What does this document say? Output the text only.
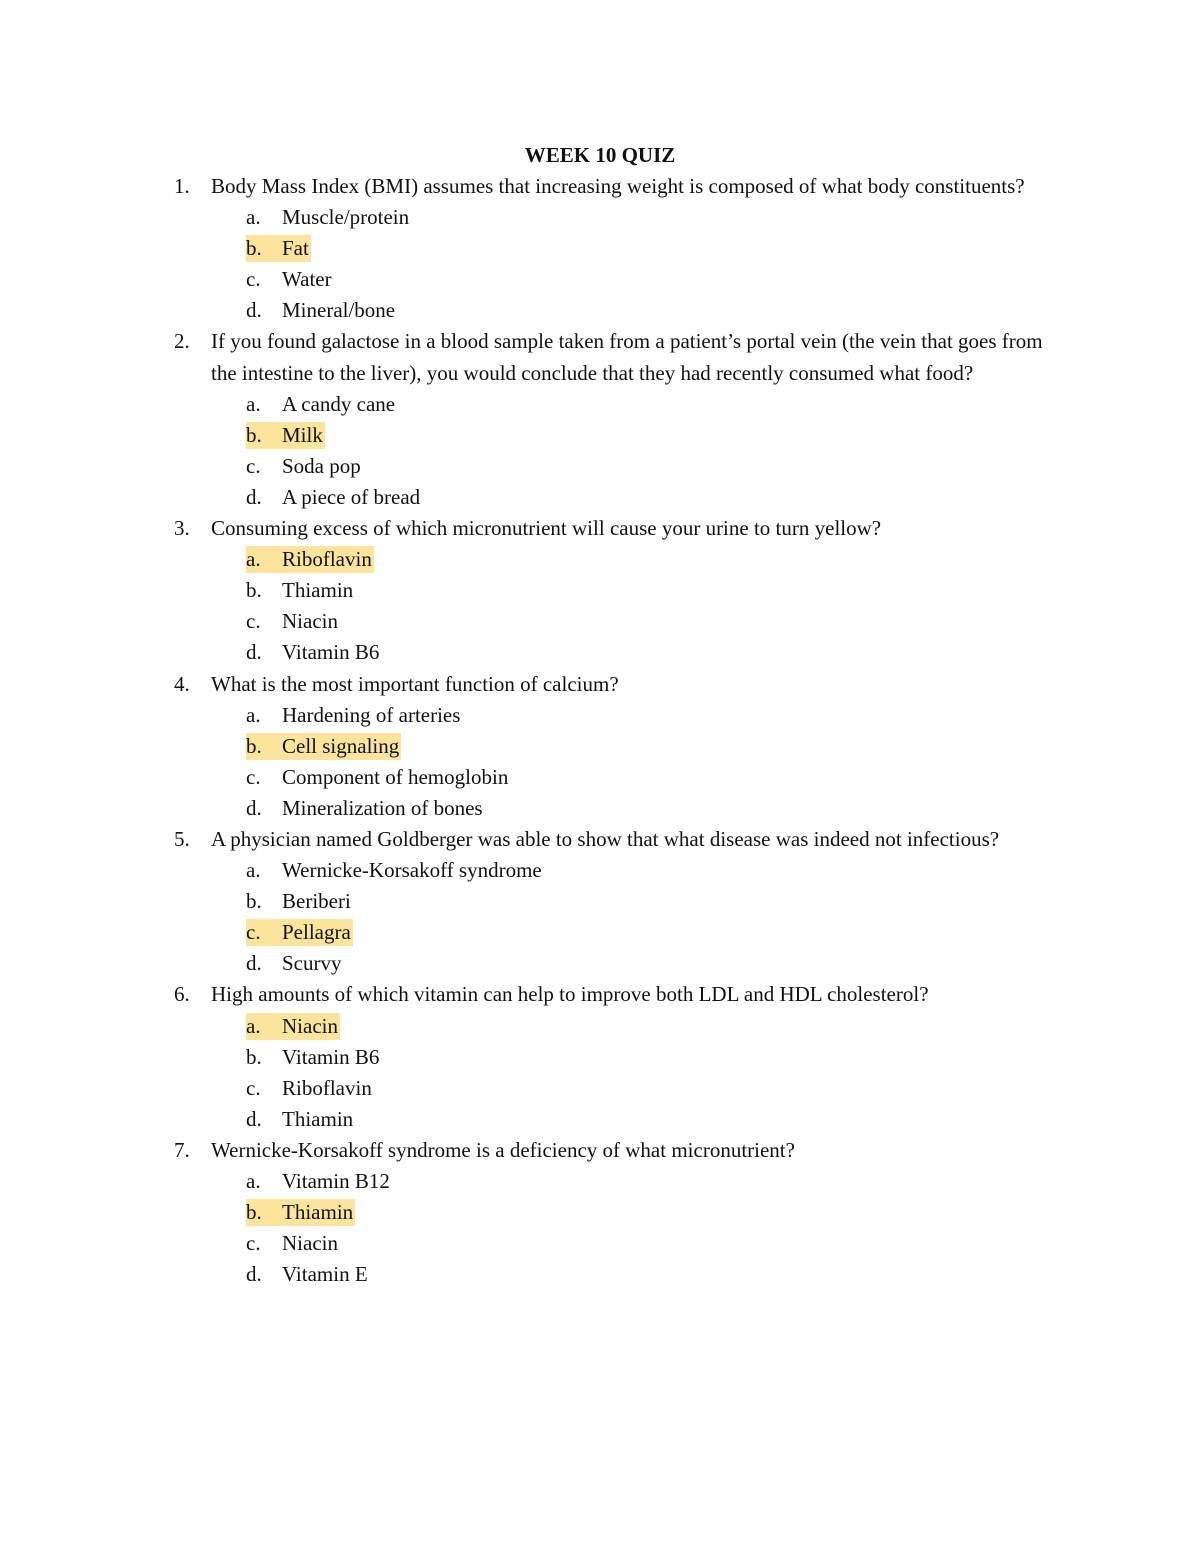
WEEK 10 QUIZ
1. Body Mass Index (BMI) assumes that increasing weight is composed of what body constituents?
a. Muscle/protein
b. Fat
c. Water
d. Mineral/bone
2. If you found galactose in a blood sample taken from a patient’s portal vein (the vein that goes from the intestine to the liver), you would conclude that they had recently consumed what food?
a. A candy cane
b. Milk
c. Soda pop
d. A piece of bread
3. Consuming excess of which micronutrient will cause your urine to turn yellow?
a. Riboflavin
b. Thiamin
c. Niacin
d. Vitamin B6
4. What is the most important function of calcium?
a. Hardening of arteries
b. Cell signaling
c. Component of hemoglobin
d. Mineralization of bones
5. A physician named Goldberger was able to show that what disease was indeed not infectious?
a. Wernicke-Korsakoff syndrome
b. Beriberi
c. Pellagra
d. Scurvy
6. High amounts of which vitamin can help to improve both LDL and HDL cholesterol?
a. Niacin
b. Vitamin B6
c. Riboflavin
d. Thiamin
7. Wernicke-Korsakoff syndrome is a deficiency of what micronutrient?
a. Vitamin B12
b. Thiamin
c. Niacin
d. Vitamin E
